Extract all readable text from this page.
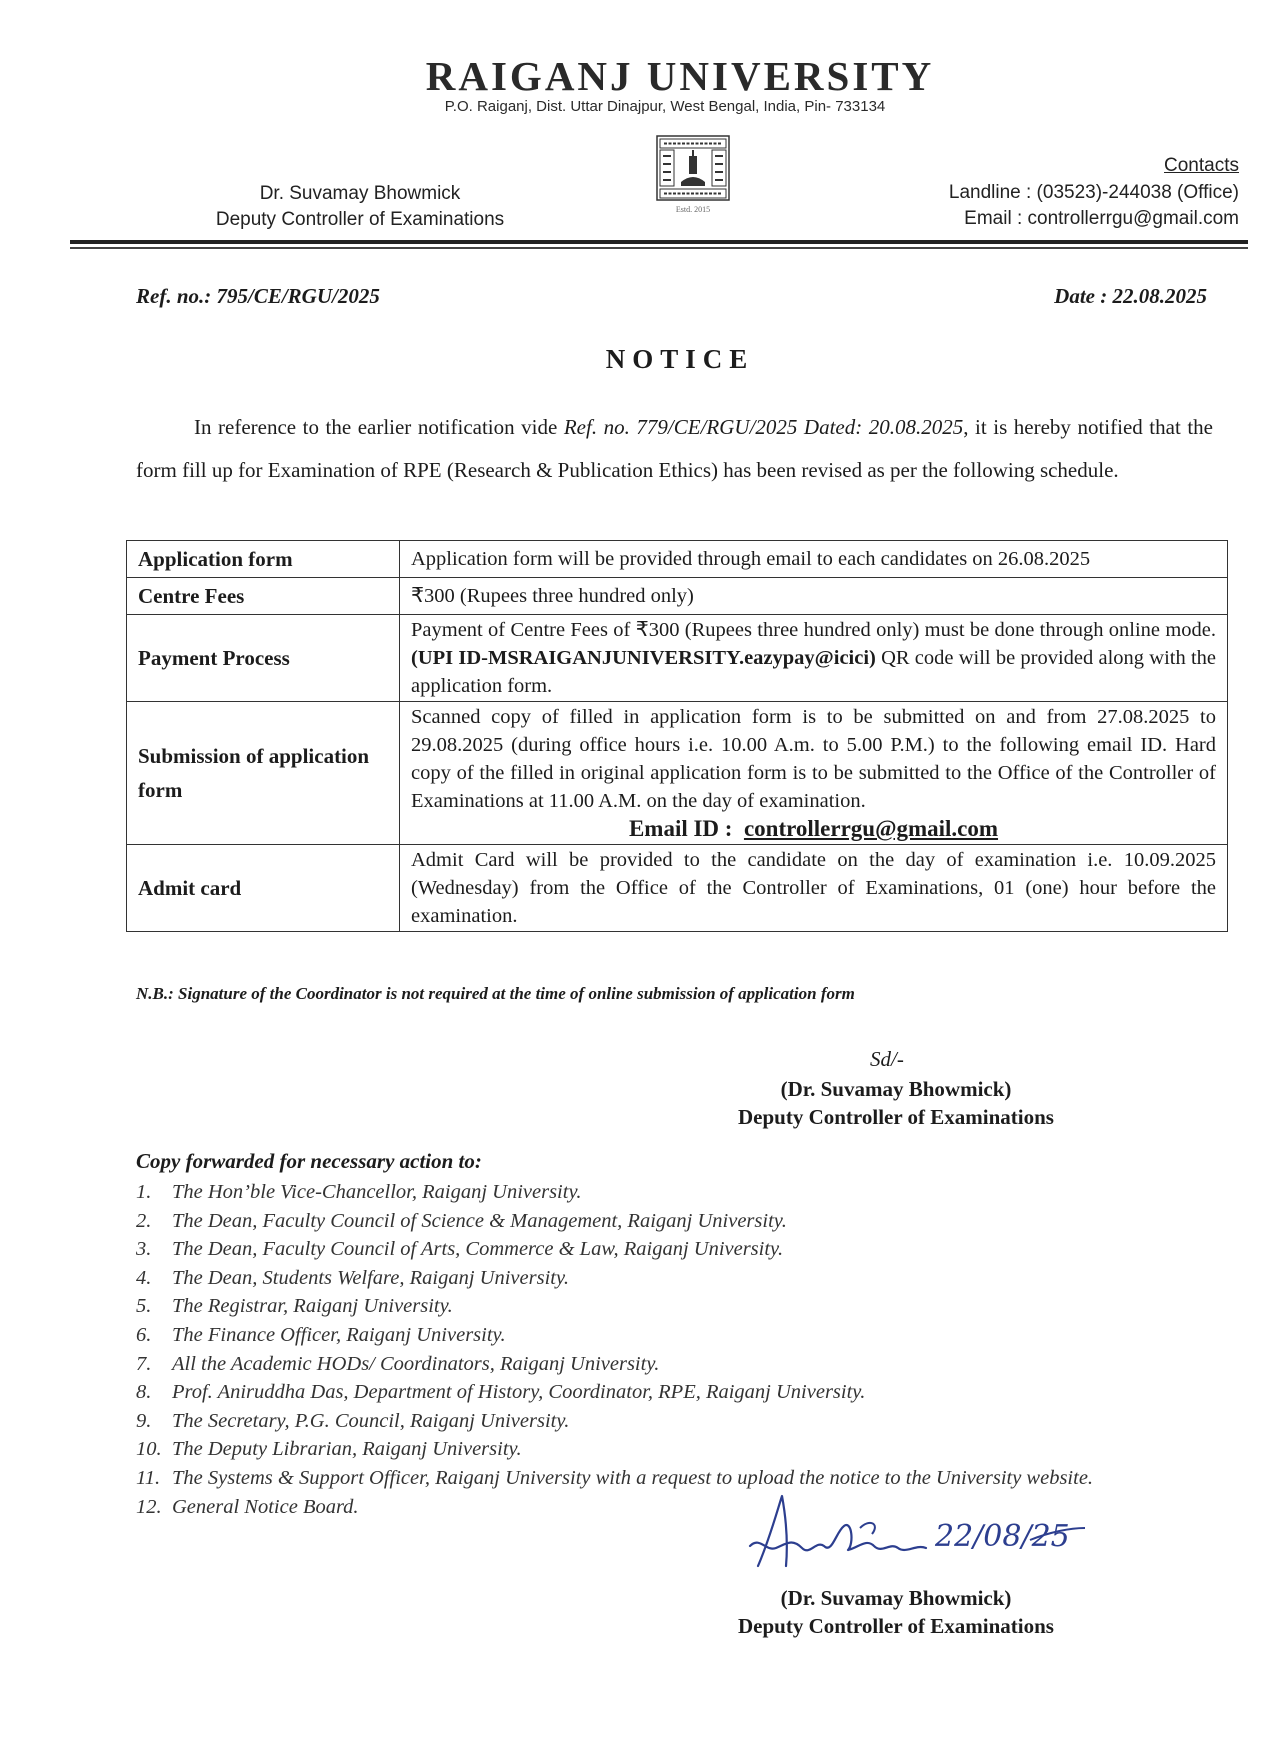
RAIGANJ UNIVERSITY
P.O. Raiganj, Dist. Uttar Dinajpur, West Bengal, India, Pin- 733134
Dr. Suvamay Bhowmick
Deputy Controller of Examinations	Estd. 2015
Contacts
Landline : (03523)-244038 (Office)
Email : controllerrgu@gmail.com
Ref. no.: 795/CE/RGU/2025	Date : 22.08.2025
NOTICE
In reference to the earlier notification vide Ref. no. 779/CE/RGU/2025 Dated: 20.08.2025, it is hereby notified that the form fill up for Examination of RPE (Research & Publication Ethics) has been revised as per the following schedule.
Application form	Application form will be provided through email to each candidates on 26.08.2025
Centre Fees	₹300 (Rupees three hundred only)
Payment Process	Payment of Centre Fees of ₹300 (Rupees three hundred only) must be done through online mode. (UPI ID-MSRAIGANJUNIVERSITY.eazypay@icici) QR code will be provided along with the application form.
Submission of application form	Scanned copy of filled in application form is to be submitted on and from 27.08.2025 to 29.08.2025 (during office hours i.e. 10.00 A.m. to 5.00 P.M.) to the following email ID. Hard copy of the filled in original application form is to be submitted to the Office of the Controller of Examinations at 11.00 A.M. on the day of examination.
Email ID : controllerrgu@gmail.com

Admit card	Admit Card will be provided to the candidate on the day of examination i.e. 10.09.2025 (Wednesday) from the Office of the Controller of Examinations, 01 (one) hour before the examination.
N.B.: Signature of the Coordinator is not required at the time of online submission of application form
Sd/-
(Dr. Suvamay Bhowmick)
Deputy Controller of Examinations
Copy forwarded for necessary action to:
1.	The Hon’ble Vice-Chancellor, Raiganj University.
2.	The Dean, Faculty Council of Science & Management, Raiganj University.
3.	The Dean, Faculty Council of Arts, Commerce & Law, Raiganj University.
4.	The Dean, Students Welfare, Raiganj University.
5.	The Registrar, Raiganj University.
6.	The Finance Officer, Raiganj University.
7.	All the Academic HODs/ Coordinators, Raiganj University.
8.	Prof. Aniruddha Das, Department of History, Coordinator, RPE, Raiganj University.
9.	The Secretary, P.G. Council, Raiganj University.
10. The Deputy Librarian, Raiganj University.
11. The Systems & Support Officer, Raiganj University with a request to upload the notice to the University website.
12. General Notice Board.
22/08/25
(Dr. Suvamay Bhowmick)
Deputy Controller of Examinations
